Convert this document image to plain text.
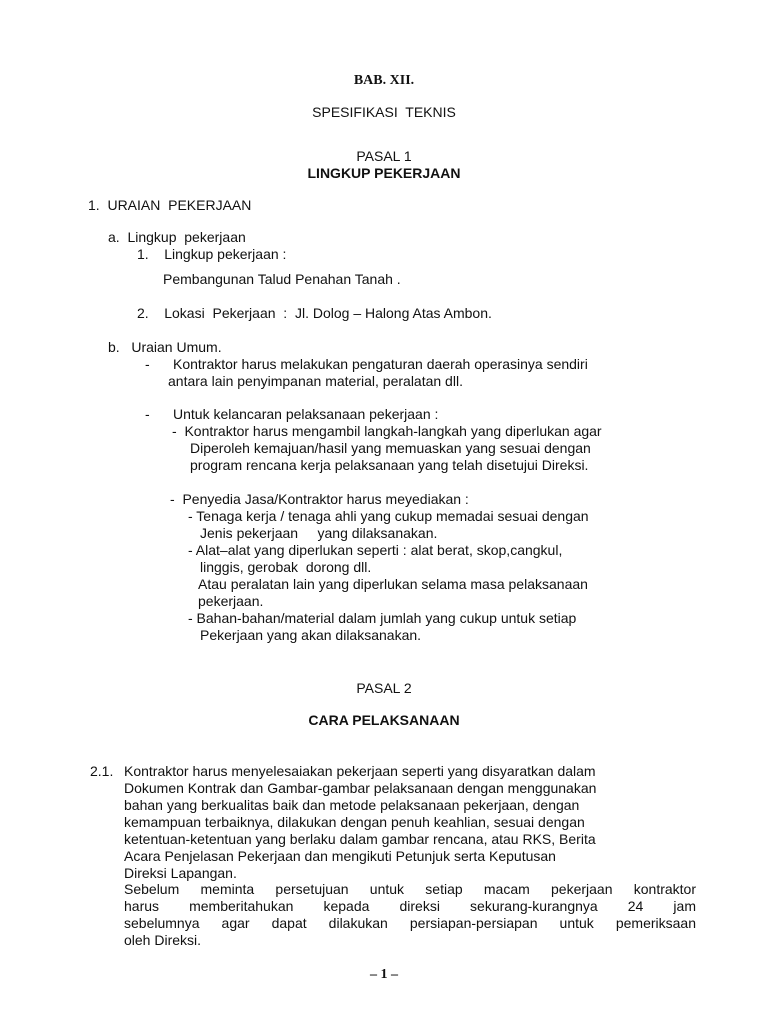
BAB. XII.
SPESIFIKASI  TEKNIS
PASAL 1
LINGKUP PEKERJAAN
1.  URAIAN  PEKERJAAN
a.  Lingkup  pekerjaan
1.    Lingkup pekerjaan :
Pembangunan Talud Penahan Tanah .
2.    Lokasi  Pekerjaan  :  Jl. Dolog – Halong Atas Ambon.
b.   Uraian Umum.
-      Kontraktor harus melakukan pengaturan daerah operasinya sendiri
antara lain penyimpanan material, peralatan dll.
-      Untuk kelancaran pelaksanaan pekerjaan :
-  Kontraktor harus mengambil langkah-langkah yang diperlukan agar
Diperoleh kemajuan/hasil yang memuaskan yang sesuai dengan
program rencana kerja pelaksanaan yang telah disetujui Direksi.
-  Penyedia Jasa/Kontraktor harus meyediakan :
- Tenaga kerja / tenaga ahli yang cukup memadai sesuai dengan
Jenis pekerjaan     yang dilaksanakan.
- Alat–alat yang diperlukan seperti : alat berat, skop,cangkul,
linggis, gerobak  dorong dll.
Atau peralatan lain yang diperlukan selama masa pelaksanaan
pekerjaan.
- Bahan-bahan/material dalam jumlah yang cukup untuk setiap
Pekerjaan yang akan dilaksanakan.
PASAL 2
CARA PELAKSANAAN
2.1. Kontraktor harus menyelesaiakan pekerjaan seperti yang disyaratkan dalam
Dokumen Kontrak dan Gambar-gambar pelaksanaan dengan menggunakan
bahan yang berkualitas baik dan metode pelaksanaan pekerjaan, dengan
kemampuan terbaiknya, dilakukan dengan penuh keahlian, sesuai dengan
ketentuan-ketentuan yang berlaku dalam gambar rencana, atau RKS, Berita
Acara Penjelasan Pekerjaan dan mengikuti Petunjuk serta Keputusan
Direksi Lapangan.
Sebelum meminta persetujuan untuk setiap macam pekerjaan kontraktor
harus memberitahukan kepada direksi sekurang-kurangnya 24 jam
sebelumnya agar dapat dilakukan persiapan-persiapan untuk pemeriksaan
oleh Direksi.
– 1 –
